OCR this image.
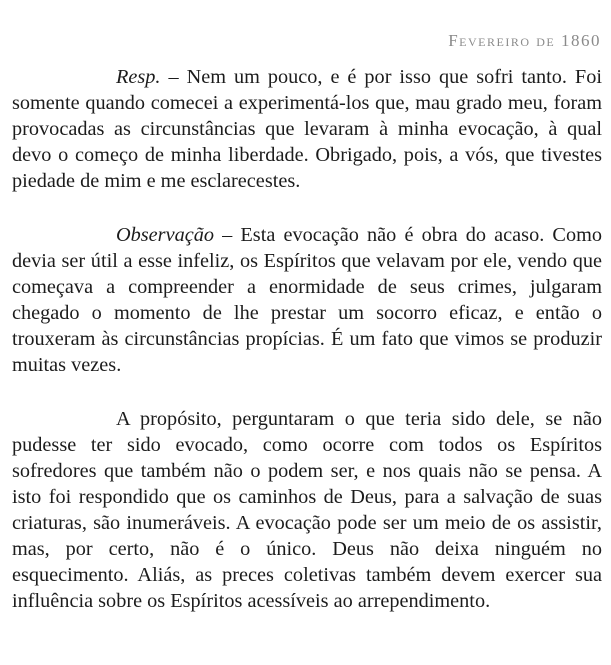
Fevereiro de 1860

Resp. – Nem um pouco, e é por isso que sofri tanto. Foi somente quando comecei a experimentá-los que, mau grado meu, foram provocadas as circunstâncias que levaram à minha evocação, à qual devo o começo de minha liberdade. Obrigado, pois, a vós, que tivestes piedade de mim e me esclarecestes.

Observação – Esta evocação não é obra do acaso. Como devia ser útil a esse infeliz, os Espíritos que velavam por ele, vendo que começava a compreender a enormidade de seus crimes, julgaram chegado o momento de lhe prestar um socorro eficaz, e então o trouxeram às circunstâncias propícias. É um fato que vimos se produzir muitas vezes.

A propósito, perguntaram o que teria sido dele, se não pudesse ter sido evocado, como ocorre com todos os Espíritos sofredores que também não o podem ser, e nos quais não se pensa. A isto foi respondido que os caminhos de Deus, para a salvação de suas criaturas, são inumeráveis. A evocação pode ser um meio de os assistir, mas, por certo, não é o único. Deus não deixa ninguém no esquecimento. Aliás, as preces coletivas também devem exercer sua influência sobre os Espíritos acessíveis ao arrependimento.
